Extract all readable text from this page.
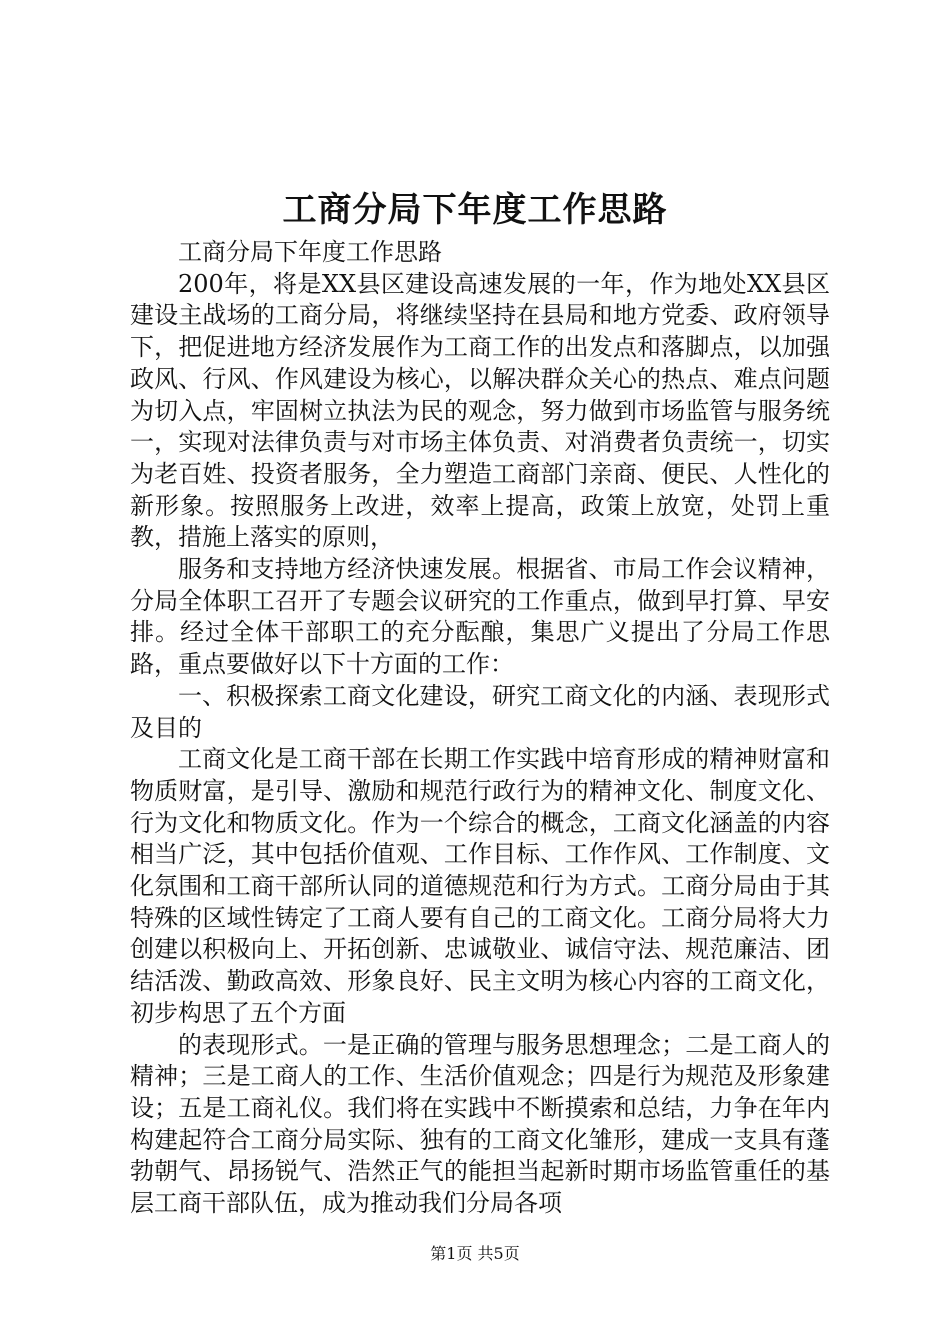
工商分局下年度工作思路

工商分局下年度工作思路

200年，将是XX县区建设高速发展的一年，作为地处XX县区建设主战场的工商分局，将继续坚持在县局和地方党委、政府领导下，把促进地方经济发展作为工商工作的出发点和落脚点，以加强政风、行风、作风建设为核心，以解决群众关心的热点、难点问题为切入点，牢固树立执法为民的观念，努力做到市场监管与服务统一，实现对法律负责与对市场主体负责、对消费者负责统一，切实为老百姓、投资者服务，全力塑造工商部门亲商、便民、人性化的新形象。按照服务上改进，效率上提高，政策上放宽，处罚上重教，措施上落实的原则，

服务和支持地方经济快速发展。根据省、市局工作会议精神，分局全体职工召开了专题会议研究的工作重点，做到早打算、早安排。经过全体干部职工的充分酝酿，集思广义提出了分局工作思路，重点要做好以下十方面的工作：

一、积极探索工商文化建设，研究工商文化的内涵、表现形式及目的

工商文化是工商干部在长期工作实践中培育形成的精神财富和物质财富，是引导、激励和规范行政行为的精神文化、制度文化、行为文化和物质文化。作为一个综合的概念，工商文化涵盖的内容相当广泛，其中包括价值观、工作目标、工作作风、工作制度、文化氛围和工商干部所认同的道德规范和行为方式。工商分局由于其特殊的区域性铸定了工商人要有自己的工商文化。工商分局将大力创建以积极向上、开拓创新、忠诚敬业、诚信守法、规范廉洁、团结活泼、勤政高效、形象良好、民主文明为核心内容的工商文化，初步构思了五个方面

的表现形式。一是正确的管理与服务思想理念；二是工商人的精神；三是工商人的工作、生活价值观念；四是行为规范及形象建设；五是工商礼仪。我们将在实践中不断摸索和总结，力争在年内构建起符合工商分局实际、独有的工商文化雏形，建成一支具有蓬勃朝气、昂扬锐气、浩然正气的能担当起新时期市场监管重任的基层工商干部队伍，成为推动我们分局各项

第1页 共5页
